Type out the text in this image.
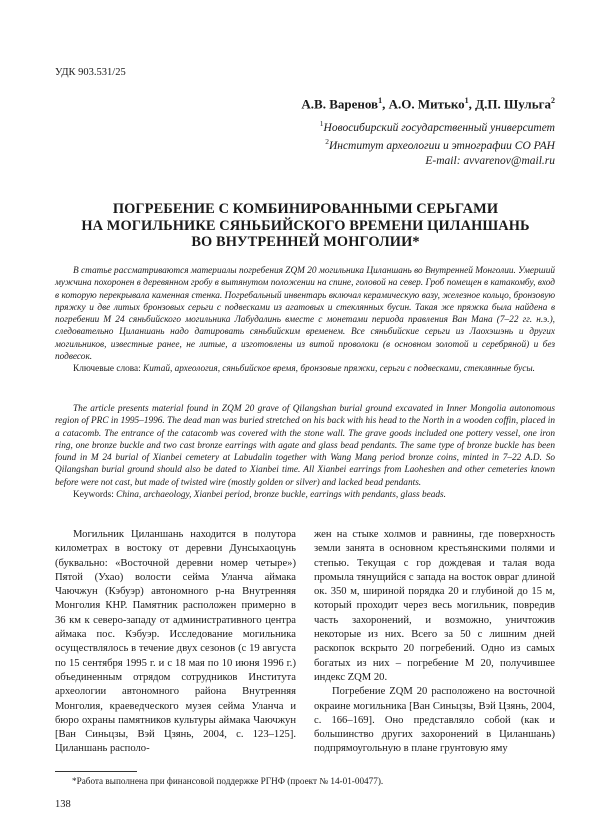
УДК 903.531/25
А.В. Варенов$^1$, А.О. Митько$^1$, Д.П. Шульга$^2$
$^1$Новосибирский государственный университет
$^2$Институт археологии и этнографии СО РАН
E-mail: avvarenov@mail.ru
ПОГРЕБЕНИЕ С КОМБИНИРОВАННЫМИ СЕРЬГАМИ
НА МОГИЛЬНИКЕ СЯНЬБИЙСКОГО ВРЕМЕНИ ЦИЛАНШАНЬ
ВО ВНУТРЕННЕЙ МОНГОЛИИ*

В статье рассматриваются материалы погребения ZQM 20 могильника Циланшань во Внутренней Монголии. Умерший мужчина похоронен в деревянном гробу в вытянутом положении на спине, головой на север. Гроб помещен в катакомбу, вход в которую перекрывала каменная стенка. Погребальный инвентарь включал керамическую вазу, железное кольцо, бронзовую пряжку и две литых бронзовых серьги с подвесками из агатовых и стеклянных бусин. Такая же пряжка была найдена в погребении М 24 сяньбийского могильника Лабудалинь вместе с монетами периода правления Ван Мана (7–22 гг. н.э.), следовательно Циланшань надо датировать сяньбийским временем. Все сяньбийские серьги из Лаохэшэнь и других могильников, известные ранее, не литые, а изготовлены из витой проволоки (в основном золотой и серебряной) и без подвесок.

Ключевые слова: Китай, археология, сяньбийское время, бронзовые пряжки, серьги с подвесками, стеклянные бусы.

The article presents material found in ZQM 20 grave of Qilangshan burial ground excavated in Inner Mongolia autonomous region of PRC in 1995–1996. The dead man was buried stretched on his back with his head to the North in a wooden coffin, placed in a catacomb. The entrance of the catacomb was covered with the stone wall. The grave goods included one pottery vessel, one iron ring, one bronze buckle and two cast bronze earrings with agate and glass bead pendants. The same type of bronze buckle has been found in M 24 burial of Xianbei cemetery at Labudalin together with Wang Mang period bronze coins, minted in 7–22 A.D. So Qilangshan burial ground should also be dated to Xianbei time. All Xianbei earrings from Laoheshen and other cemeteries known before were not cast, but made of twisted wire (mostly golden or silver) and lacked bead pendants.

Keywords: China, archaeology, Xianbei period, bronze buckle, earrings with pendants, glass beads.

Могильник Циланшань находится в полутора километрах в востоку от деревни Дунсыхаоцунь (буквально: «Восточной деревни номер четыре») Пятой (Ухао) волости сейма Уланча аймака Чаючжун (Кэбуэр) автономного р-на Внутренняя Монголия КНР. Памятник расположен примерно в 36 км к северо-западу от административного центра аймака пос. Кэбуэр. Исследование могильника осуществлялось в течение двух сезонов (с 19 августа по 15 сентября 1995 г. и с 18 мая по 10 июня 1996 г.) объединенным отрядом сотрудников Института археологии автономного района Внутренняя Монголия, краеведческого музея сейма Уланча и бюро охраны памятников культуры аймака Чаючжун [Ван Синьцзы, Вэй Цзянь, 2004, с. 123–125]. Циланшань располо-

жен на стыке холмов и равнины, где поверхность земли занята в основном крестьянскими полями и степью. Текущая с гор дождевая и талая вода промыла тянущийся с запада на восток овраг длиной ок. 350 м, шириной порядка 20 и глубиной до 15 м, который проходит через весь могильник, повредив часть захоронений, и возможно, уничтожив некоторые из них. Всего за 50 с лишним дней раскопок вскрыто 20 погребений. Одно из самых богатых из них – погребение М 20, получившее индекс ZQM 20.

Погребение ZQM 20 расположено на восточной окраине могильника [Ван Синьцзы, Вэй Цзянь, 2004, с. 166–169]. Оно представляло собой (как и большинство других захоронений в Циланшань) подпрямоугольную в плане грунтовую яму

*Работа выполнена при финансовой поддержке РГНФ (проект № 14-01-00477).
138
